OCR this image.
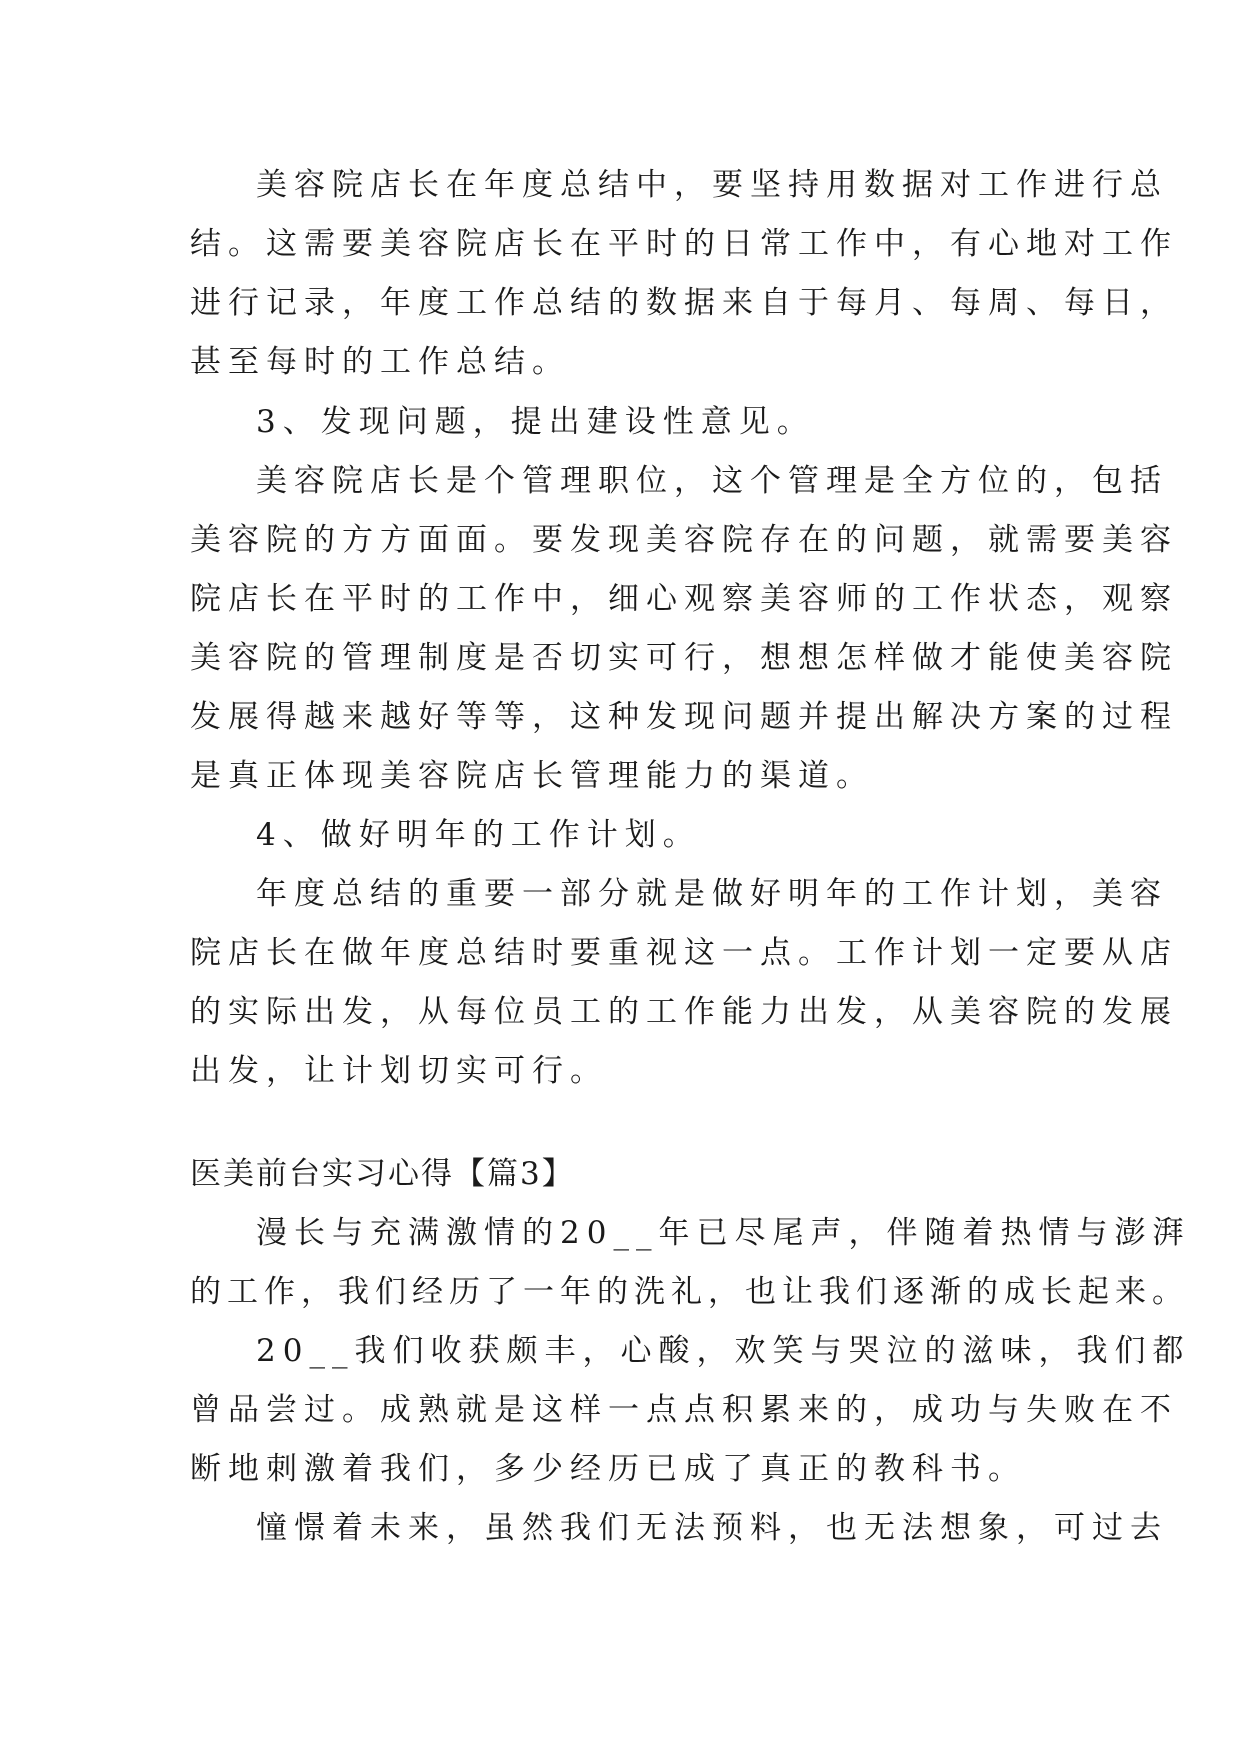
美容院店长在年度总结中，要坚持用数据对工作进行总
结。这需要美容院店长在平时的日常工作中，有心地对工作
进行记录，年度工作总结的数据来自于每月、每周、每日，
甚至每时的工作总结。
3、发现问题，提出建设性意见。
美容院店长是个管理职位，这个管理是全方位的，包括
美容院的方方面面。要发现美容院存在的问题，就需要美容
院店长在平时的工作中，细心观察美容师的工作状态，观察
美容院的管理制度是否切实可行，想想怎样做才能使美容院
发展得越来越好等等，这种发现问题并提出解决方案的过程
是真正体现美容院店长管理能力的渠道。
4、做好明年的工作计划。
年度总结的重要一部分就是做好明年的工作计划，美容
院店长在做年度总结时要重视这一点。工作计划一定要从店
的实际出发，从每位员工的工作能力出发，从美容院的发展
出发，让计划切实可行。
医美前台实习心得【篇3】
漫长与充满激情的20__年已尽尾声，伴随着热情与澎湃
的工作，我们经历了一年的洗礼，也让我们逐渐的成长起来。
20__我们收获颇丰，心酸，欢笑与哭泣的滋味，我们都
曾品尝过。成熟就是这样一点点积累来的，成功与失败在不
断地刺激着我们，多少经历已成了真正的教科书。
憧憬着未来，虽然我们无法预料，也无法想象，可过去
